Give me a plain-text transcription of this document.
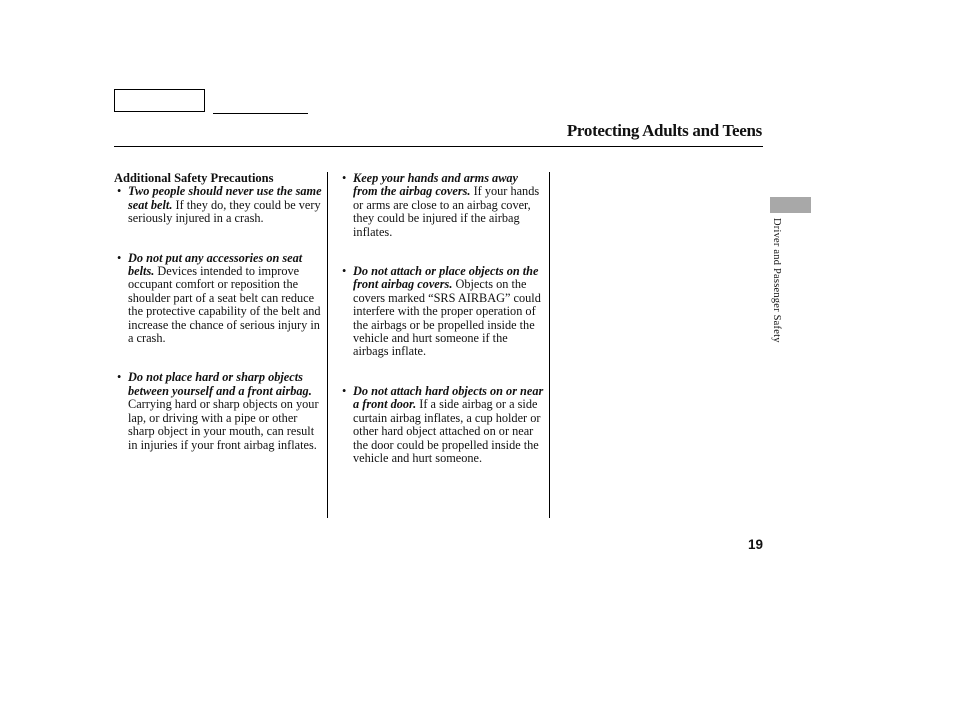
Protecting Adults and Teens

Additional Safety Precautions

• Two people should never use the same seat belt. If they do, they could be very seriously injured in a crash.
• Do not put any accessories on seat belts. Devices intended to improve occupant comfort or reposition the shoulder part of a seat belt can reduce the protective capability of the belt and increase the chance of serious injury in a crash.
• Do not place hard or sharp objects between yourself and a front airbag. Carrying hard or sharp objects on your lap, or driving with a pipe or other sharp object in your mouth, can result in injuries if your front airbag inflates.
• Keep your hands and arms away from the airbag covers. If your hands or arms are close to an airbag cover, they could be injured if the airbag inflates.
• Do not attach or place objects on the front airbag covers. Objects on the covers marked “SRS AIRBAG” could interfere with the proper operation of the airbags or be propelled inside the vehicle and hurt someone if the airbags inflate.
• Do not attach hard objects on or near a front door. If a side airbag or a side curtain airbag inflates, a cup holder or other hard object attached on or near the door could be propelled inside the vehicle and hurt someone.
Driver and Passenger Safety
19
